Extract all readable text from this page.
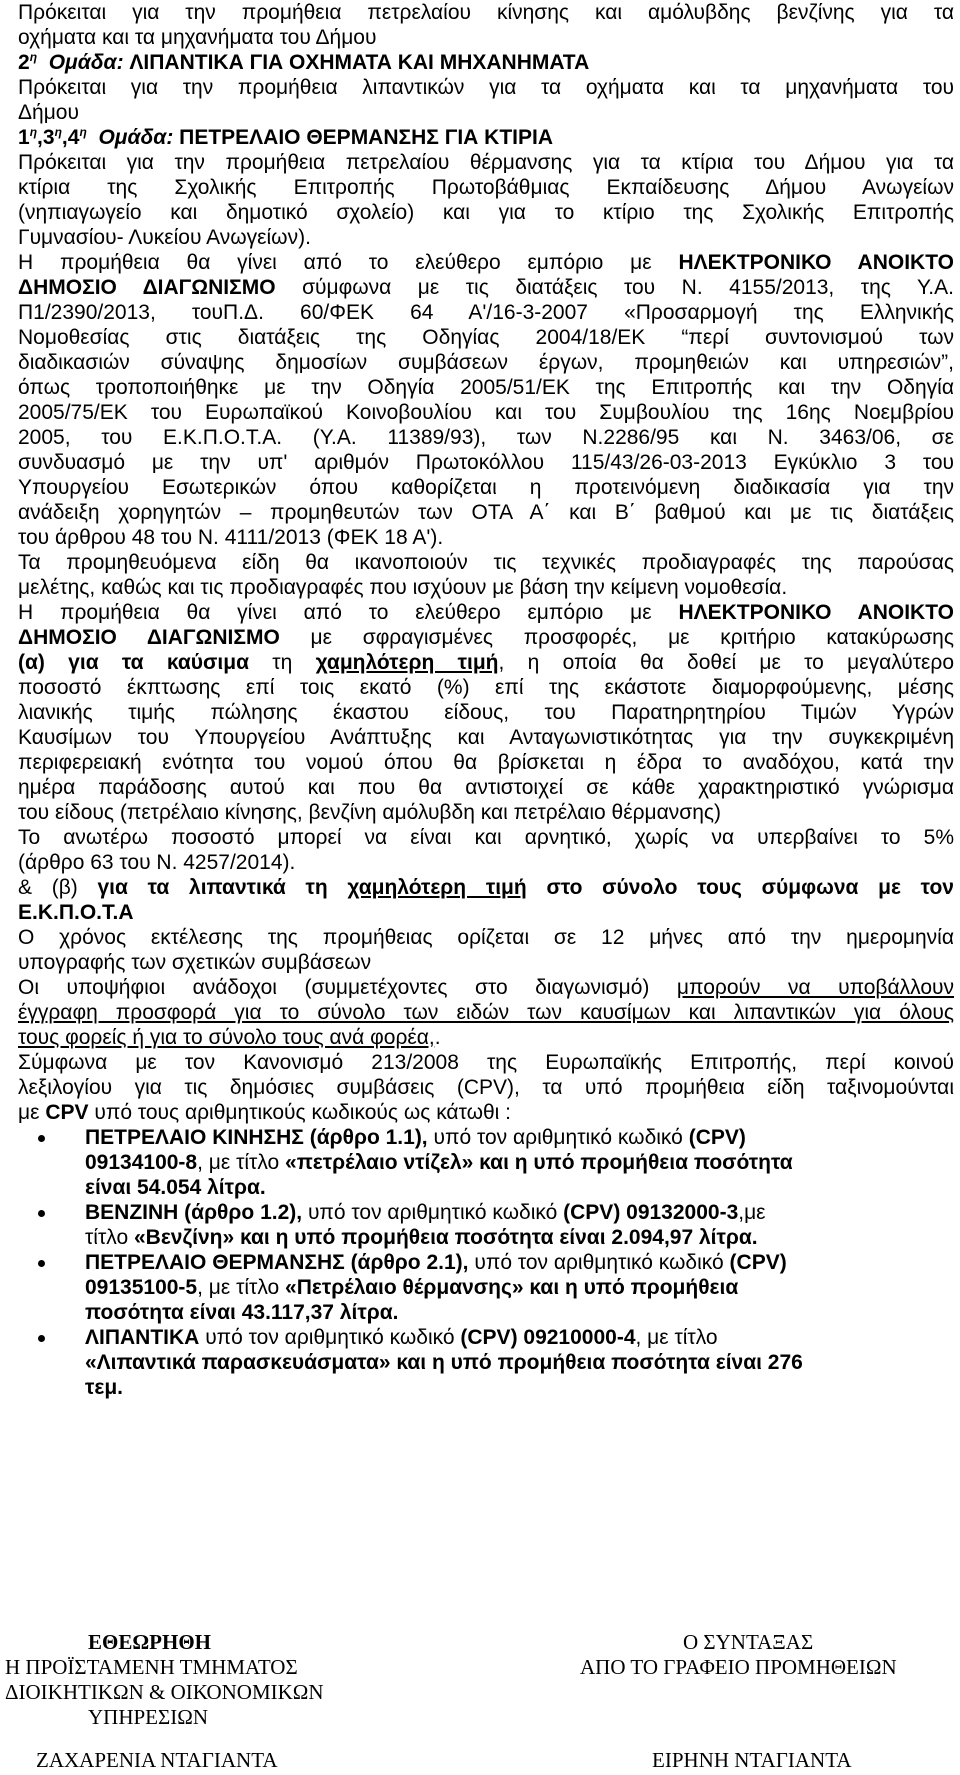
Πρόκειται για την προμήθεια πετρελαίου κίνησης και αμόλυβδης βενζίνης για τα
οχήματα και τα μηχανήματα του Δήμου
$2^\eta$ Ομάδα: ΛΙΠΑΝΤΙΚΑ ΓΙΑ ΟΧΗΜΑΤΑ ΚΑΙ ΜΗΧΑΝΗΜΑΤΑ
Πρόκειται για την προμήθεια λιπαντικών για τα οχήματα και τα μηχανήματα του
Δήμου
$1^\eta,3^\eta,4^\eta$ Ομάδα: ΠΕΤΡΕΛΑΙΟ ΘΕΡΜΑΝΣΗΣ ΓΙΑ ΚΤΙΡΙΑ
Πρόκειται για την προμήθεια πετρελαίου θέρμανσης για τα κτίρια του Δήμου για τα
κτίρια της Σχολικής Επιτροπής Πρωτοβάθμιας Εκπαίδευσης Δήμου Ανωγείων
(νηπιαγωγείο και δημοτικό σχολείο) και για το κτίριο της Σχολικής Επιτροπής
Γυμνασίου- Λυκείου Ανωγείων).
Η προμήθεια θα γίνει από το ελεύθερο εμπόριο με ΗΛΕΚΤΡΟΝΙΚΟ ΑΝΟΙΚΤΟ
ΔΗΜΟΣΙΟ ΔΙΑΓΩΝΙΣΜΟ σύμφωνα με τις διατάξεις του Ν. 4155/2013, της Υ.Α.
Π1/2390/2013, τουΠ.Δ. 60/ΦΕΚ 64 Α'/16-3-2007 «Προσαρμογή της Ελληνικής
Νομοθεσίας στις διατάξεις της Οδηγίας 2004/18/ΕΚ “περί συντονισμού των
διαδικασιών σύναψης δημοσίων συμβάσεων έργων, προμηθειών και υπηρεσιών”,
όπως τροποποιήθηκε με την Οδηγία 2005/51/ΕΚ της Επιτροπής και την Οδηγία
2005/75/ΕΚ του Ευρωπαϊκού Κοινοβουλίου και του Συμβουλίου της 16ης Νοεμβρίου
2005, του Ε.Κ.Π.Ο.Τ.Α. (Υ.Α. 11389/93), των Ν.2286/95 και Ν. 3463/06, σε
συνδυασμό με την υπ' αριθμόν Πρωτοκόλλου 115/43/26-03-2013 Εγκύκλιο 3 του
Υπουργείου Εσωτερικών όπου καθορίζεται η προτεινόμενη διαδικασία για την
ανάδειξη χορηγητών – προμηθευτών των ΟΤΑ Α΄ και Β΄ βαθμού και με τις διατάξεις
του άρθρου 48 του Ν. 4111/2013 (ΦΕΚ 18 Α').
Τα προμηθευόμενα είδη θα ικανοποιούν τις τεχνικές προδιαγραφές της παρούσας
μελέτης, καθώς και τις προδιαγραφές που ισχύουν με βάση την κείμενη νομοθεσία.
Η προμήθεια θα γίνει από το ελεύθερο εμπόριο με ΗΛΕΚΤΡΟΝΙΚΟ ΑΝΟΙΚΤΟ
ΔΗΜΟΣΙΟ ΔΙΑΓΩΝΙΣΜΟ με σφραγισμένες προσφορές, με κριτήριο κατακύρωσης
(α) για τα καύσιμα τη χαμηλότερη τιμή, η οποία θα δοθεί με το μεγαλύτερο
ποσοστό έκπτωσης επί τοις εκατό (%) επί της εκάστοτε διαμορφούμενης, μέσης
λιανικής τιμής πώλησης έκαστου είδους, του Παρατηρητηρίου Τιμών Υγρών
Καυσίμων του Υπουργείου Ανάπτυξης και Ανταγωνιστικότητας για την συγκεκριμένη
περιφερειακή ενότητα του νομού όπου θα βρίσκεται η έδρα το αναδόχου, κατά την
ημέρα παράδοσης αυτού και που θα αντιστοιχεί σε κάθε χαρακτηριστικό γνώρισμα
του είδους (πετρέλαιο κίνησης, βενζίνη αμόλυβδη και πετρέλαιο θέρμανσης)
Το ανωτέρω ποσοστό μπορεί να είναι και αρνητικό, χωρίς να υπερβαίνει το 5%
(άρθρο 63 του Ν. 4257/2014).
& (β) για τα λιπαντικά τη χαμηλότερη τιμή στο σύνολο τους σύμφωνα με τον
Ε.Κ.Π.Ο.Τ.Α
Ο χρόνος εκτέλεσης της προμήθειας ορίζεται σε 12 μήνες από την ημερομηνία
υπογραφής των σχετικών συμβάσεων
Οι υποψήφιοι ανάδοχοι (συμμετέχοντες στο διαγωνισμό) μπορούν να υποβάλλουν
έγγραφη προσφορά για το σύνολο των ειδών των καυσίμων και λιπαντικών για όλους
τους φορείς ή για το σύνολο τους ανά φορέα,.
Σύμφωνα με τον Κανονισμό 213/2008 της Ευρωπαϊκής Επιτροπής, περί κοινού
λεξιλογίου για τις δημόσιες συμβάσεις (CPV), τα υπό προμήθεια είδη ταξινομούνται
με CPV υπό τους αριθμητικούς κωδικούς ως κάτωθι :
ΠΕΤΡΕΛΑΙΟ ΚΙΝΗΣΗΣ (άρθρο 1.1), υπό τον αριθμητικό κωδικό (CPV)
09134100-8, με τίτλο «πετρέλαιο ντίζελ» και η υπό προμήθεια ποσότητα
είναι 54.054 λίτρα.
ΒΕΝΖΙΝΗ (άρθρο 1.2), υπό τον αριθμητικό κωδικό (CPV) 09132000-3,με
τίτλο «Βενζίνη» και η υπό προμήθεια ποσότητα είναι 2.094,97 λίτρα.
ΠΕΤΡΕΛΑΙΟ ΘΕΡΜΑΝΣΗΣ (άρθρο 2.1), υπό τον αριθμητικό κωδικό (CPV)
09135100-5, με τίτλο «Πετρέλαιο θέρμανσης» και η υπό προμήθεια
ποσότητα είναι 43.117,37 λίτρα.
ΛΙΠΑΝΤΙΚΑ υπό τον αριθμητικό κωδικό (CPV) 09210000-4, με τίτλο
«Λιπαντικά παρασκευάσματα» και η υπό προμήθεια ποσότητα είναι 276
τεμ.
ΕΘΕΩΡΗΘΗ
Η ΠΡΟΪΣΤΑΜΕΝΗ ΤΜΗΜΑΤΟΣ
ΔΙΟΙΚΗΤΙΚΩΝ & ΟΙΚΟΝΟΜΙΚΩΝ
ΥΠΗΡΕΣΙΩΝ
ΖΑΧΑΡΕΝΙΑ ΝΤΑΓΙΑΝΤΑ
Ο ΣΥΝΤΑΞΑΣ
ΑΠΟ ΤΟ ΓΡΑΦΕΙΟ ΠΡΟΜΗΘΕΙΩΝ
ΕΙΡΗΝΗ ΝΤΑΓΙΑΝΤΑ
